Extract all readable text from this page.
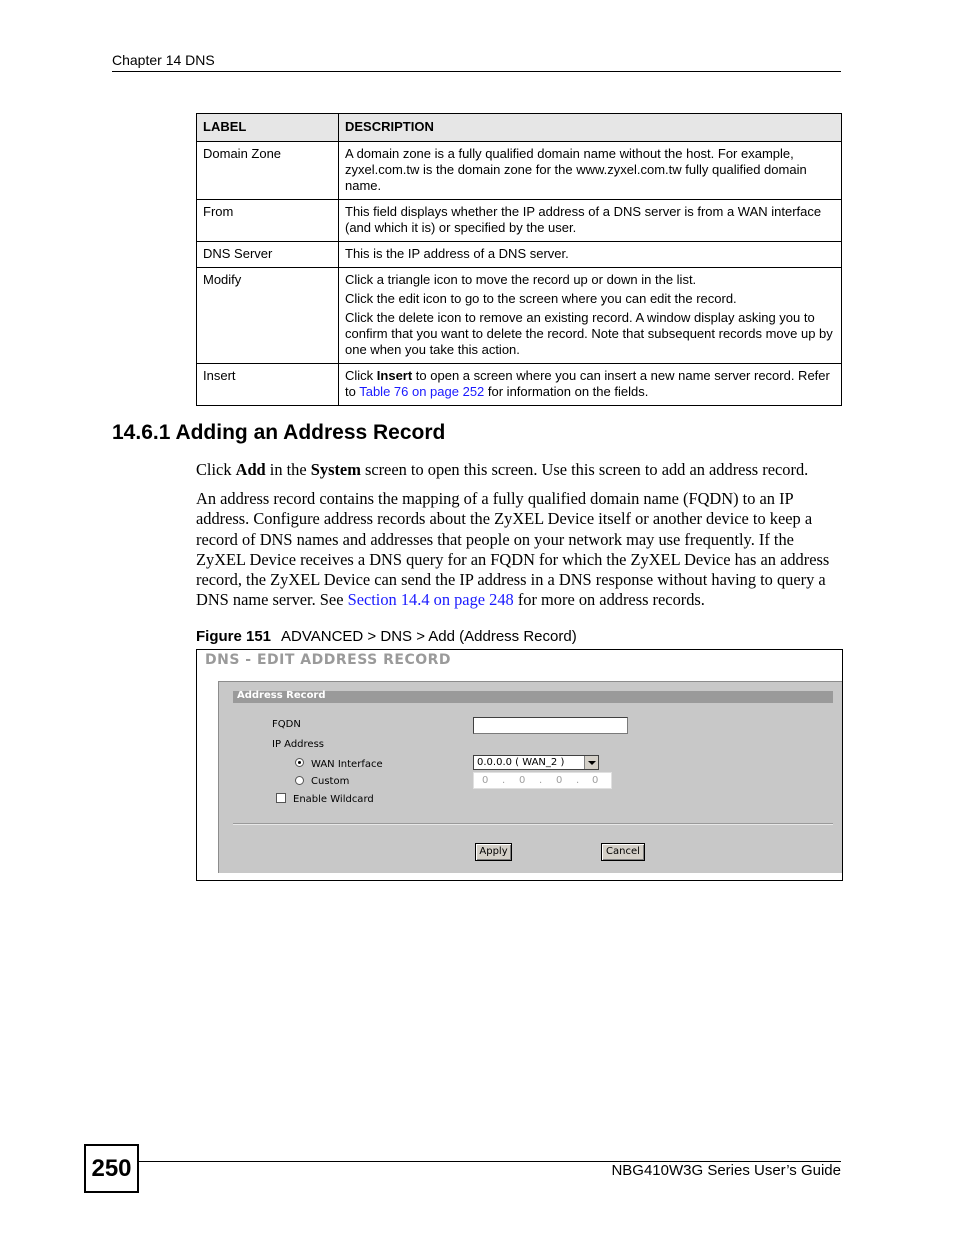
Chapter 14 DNS
LABEL	DESCRIPTION
Domain Zone	A domain zone is a fully qualified domain name without the host. For example, zyxel.com.tw is the domain zone for the www.zyxel.com.tw fully qualified domain name.

From	This field displays whether the IP address of a DNS server is from a WAN interface (and which it is) or specified by the user.

DNS Server	This is the IP address of a DNS server.

Modify	Click a triangle icon to move the record up or down in the list.

Click the edit icon to go to the screen where you can edit the record.

Click the delete icon to remove an existing record. A window display asking you to confirm that you want to delete the record. Note that subsequent records move up by one when you take this action.

Insert	Click Insert to open a screen where you can insert a new name server record. Refer to Table 76 on page 252 for information on the fields.

14.6.1 Adding an Address Record
Click Add in the System screen to open this screen. Use this screen to add an address record.
An address record contains the mapping of a fully qualified domain name (FQDN) to an IP address. Configure address records about the ZyXEL Device itself or another device to keep a record of DNS names and addresses that people on your network may use frequently. If the ZyXEL Device receives a DNS query for an FQDN for which the ZyXEL Device has an address record, the ZyXEL Device can send the IP address in a DNS response without having to query a DNS name server. See Section 14.4 on page 248 for more on address records.
Figure 151 ADVANCED > DNS > Add (Address Record)
DNS - EDIT ADDRESS RECORD
Address Record
FQDN
IP Address
WAN Interface	0.0.0.0 ( WAN_2 )
Custom	0 . 0 . 0 . 0
Enable Wildcard
Apply	Cancel
250	NBG410W3G Series User’s Guide
